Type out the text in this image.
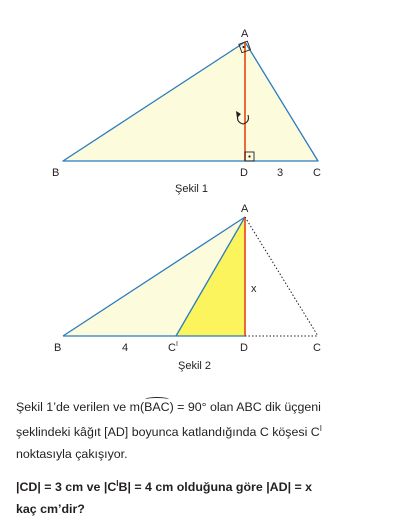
A
B	D	3	C
Şekil 1
A
x
B	4	$C^I$	D	C
Şekil 2

Şekil 1’de verilen ve m(BAC) = 90° olan ABC dik üçgeni

şeklindeki kâğıt [AD] boyunca katlandığında C köşesi $C^I$

noktasıyla çakışıyor.

|CD| = 3 cm ve $|C^IB| = 4$ cm olduğuna göre |AD| = x

kaç cm’dir?
